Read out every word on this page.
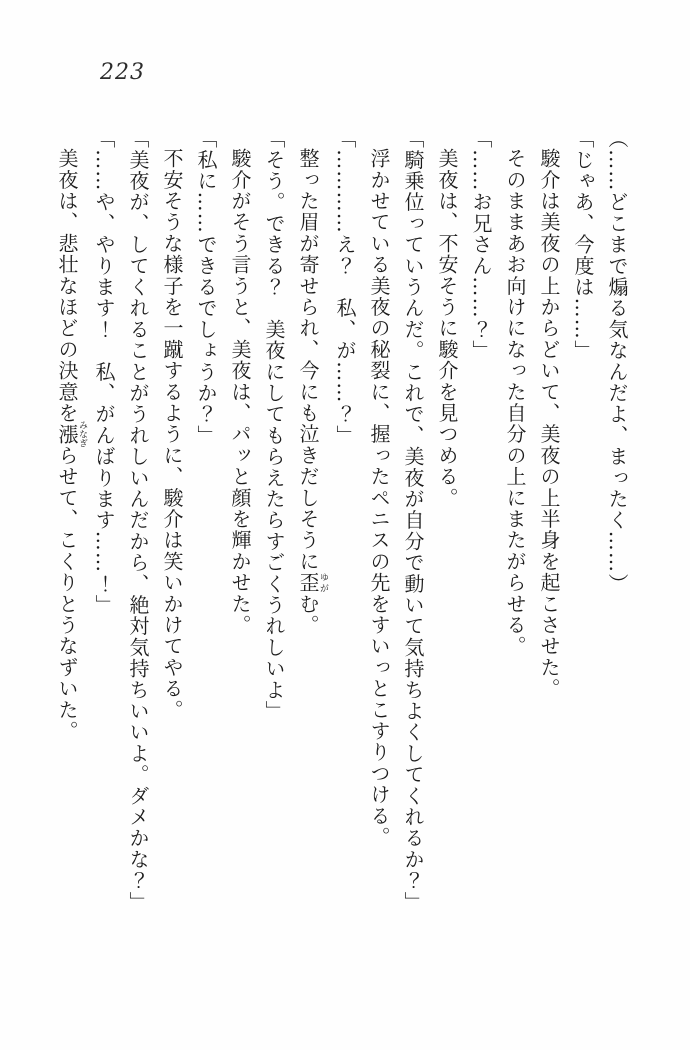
223

（……どこまで煽る気なんだよ、まったく……）

「じゃあ、今度は……」

駿介は美夜の上からどいて、美夜の上半身を起こさせた。

そのままあお向けになった自分の上にまたがらせる。

「……お兄さん……？」

美夜は、不安そうに駿介を見つめる。

「騎乗位っていうんだ。これで、美夜が自分で動いて気持ちよくしてくれるか？」

浮かせている美夜の秘裂に、握ったペニスの先をすいっとこすりつける。

「…………え？　私、が……？」

整った眉が寄せられ、今にも泣きだしそうに歪ゆがむ。

「そう。できる？　美夜にしてもらえたらすごくうれしいよ」

駿介がそう言うと、美夜は、パッと顔を輝かせた。

「私に……できるでしょうか？」

不安そうな様子を一蹴するように、駿介は笑いかけてやる。

「美夜が、してくれることがうれしいんだから、絶対気持ちいいよ。ダメかな？」

「……や、やります！　私、がんばります……！」

美夜は、悲壮なほどの決意を漲みなぎらせて、こくりとうなずいた。
